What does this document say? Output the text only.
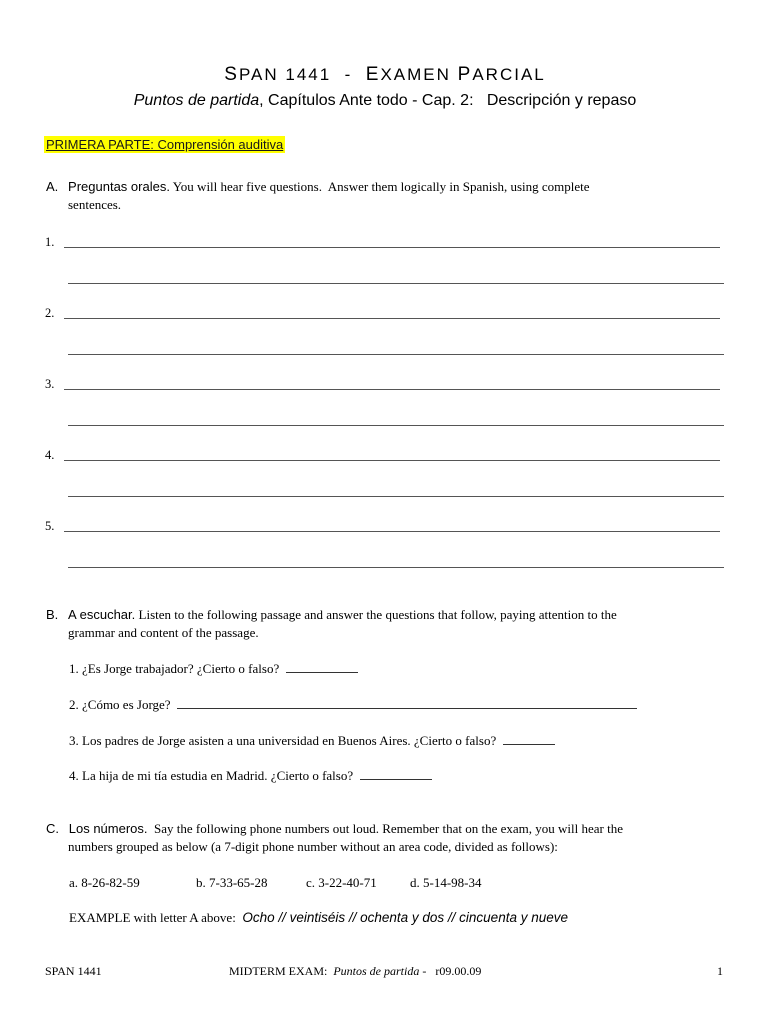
SPAN 1441  -  EXAMEN PARCIAL
Puntos de partida, Capítulos Ante todo - Cap. 2:   Descripción y repaso
PRIMERA PARTE: Comprensión auditiva
A. Preguntas orales. You will hear five questions.  Answer them logically in Spanish, using complete
sentences.
1.
2.
3.
4.
5.
B. A escuchar. Listen to the following passage and answer the questions that follow, paying attention to the
grammar and content of the passage.
1. ¿Es Jorge trabajador? ¿Cierto o falso?
2. ¿Cómo es Jorge?
3. Los padres de Jorge asisten a una universidad en Buenos Aires. ¿Cierto o falso?
4. La hija de mi tía estudia en Madrid. ¿Cierto o falso?
C. Los números.  Say the following phone numbers out loud. Remember that on the exam, you will hear the
numbers grouped as below (a 7-digit phone number without an area code, divided as follows):
a. 8-26-82-59	b. 7-33-65-28	c. 3-22-40-71	d. 5-14-98-34
EXAMPLE with letter A above: Ocho // veintiséis // ochenta y dos // cincuenta y nueve
SPAN 1441	MIDTERM EXAM: Puntos de partida -   r09.00.09	1
